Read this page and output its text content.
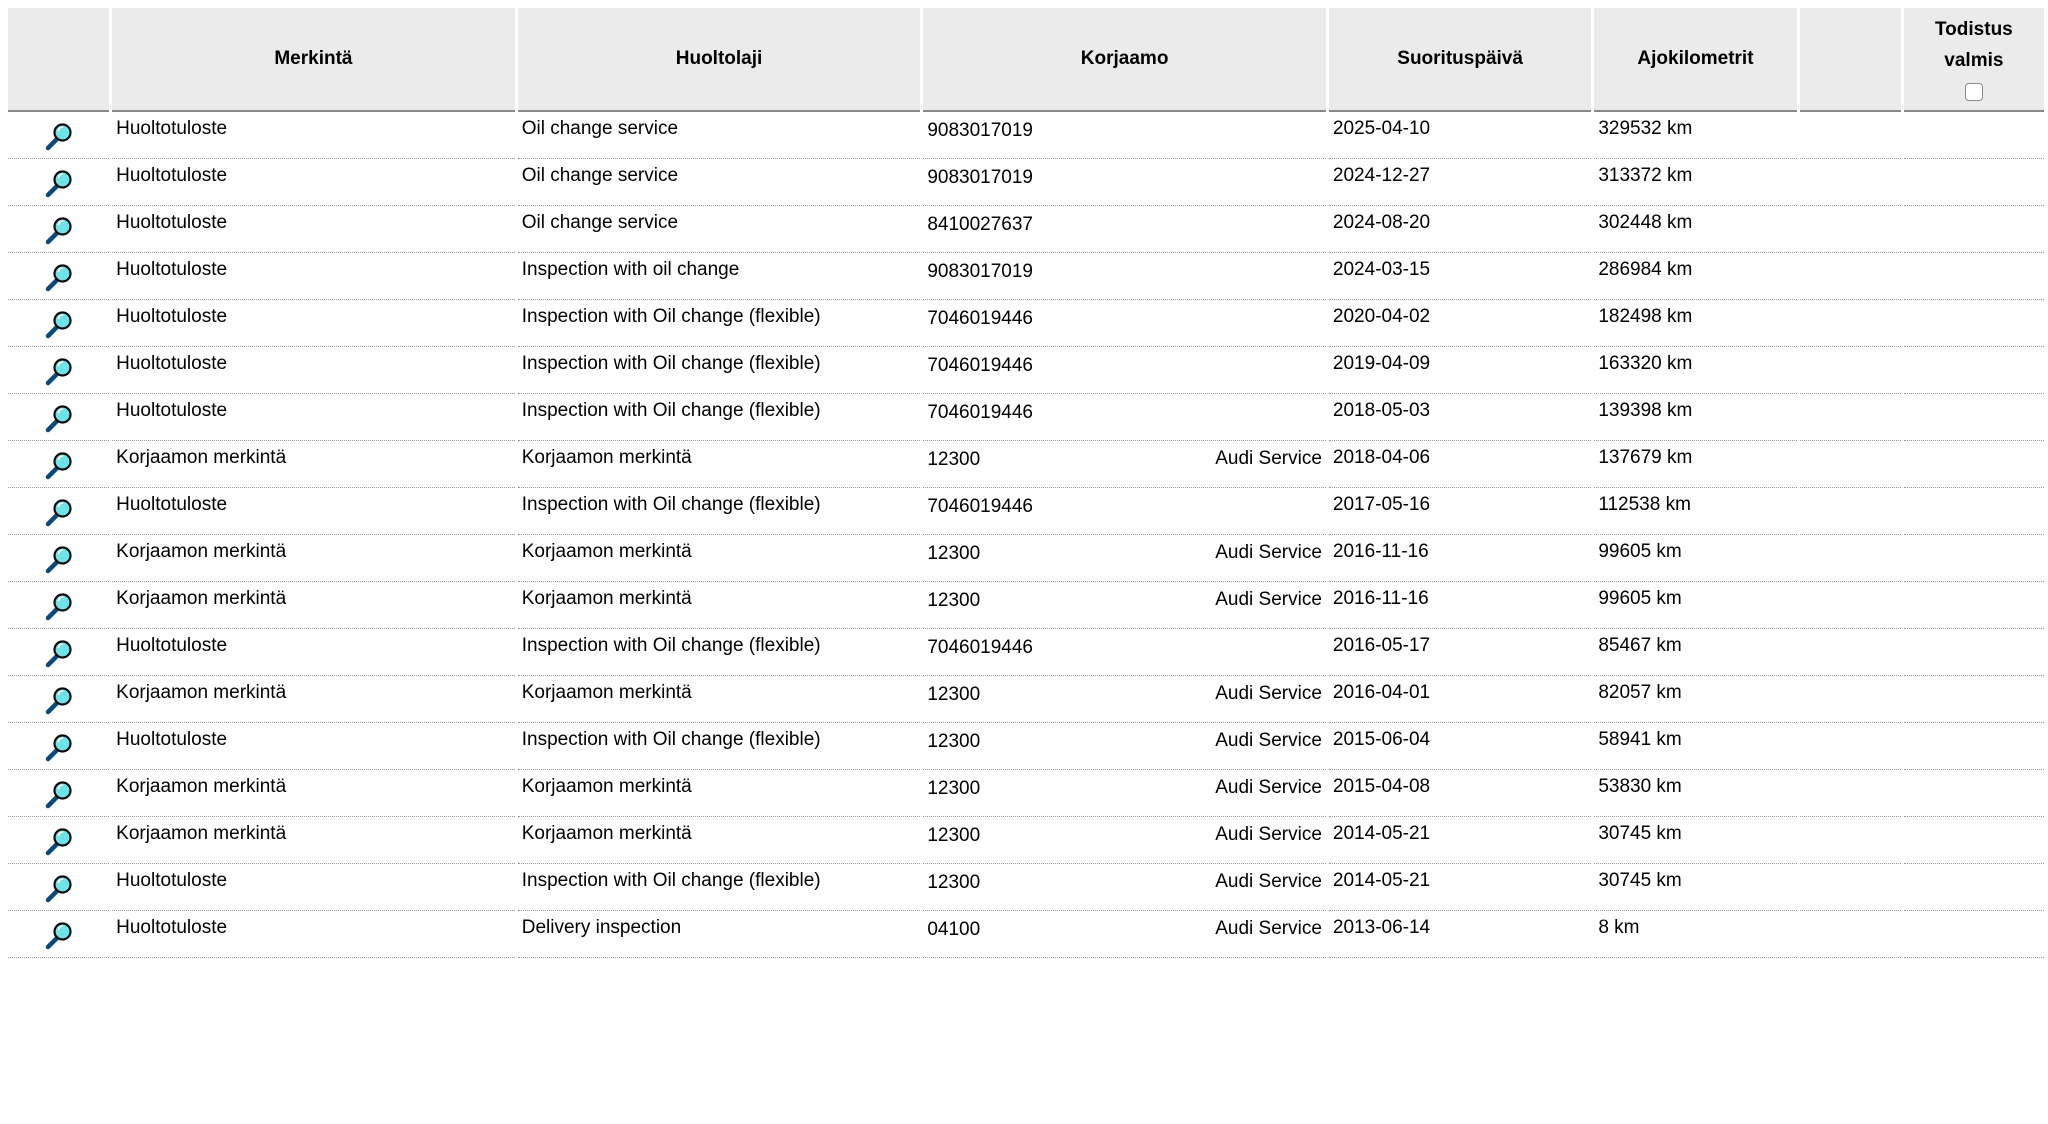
	Merkintä	Huoltolaji	Korjaamo	Suorituspäivä	Ajokilometrit		Todistus
valmis

	Huoltotuloste	Oil change service	9083017019	2025-04-10	329532 km		
	Huoltotuloste	Oil change service	9083017019	2024-12-27	313372 km		
	Huoltotuloste	Oil change service	8410027637	2024-08-20	302448 km		
	Huoltotuloste	Inspection with oil change	9083017019	2024-03-15	286984 km		
	Huoltotuloste	Inspection with Oil change (flexible)	7046019446	2020-04-02	182498 km		
	Huoltotuloste	Inspection with Oil change (flexible)	7046019446	2019-04-09	163320 km		
	Huoltotuloste	Inspection with Oil change (flexible)	7046019446	2018-05-03	139398 km		
	Korjaamon merkintä	Korjaamon merkintä	12300 Audi Service	2018-04-06	137679 km		
	Huoltotuloste	Inspection with Oil change (flexible)	7046019446	2017-05-16	112538 km		
	Korjaamon merkintä	Korjaamon merkintä	12300 Audi Service	2016-11-16	99605 km		
	Korjaamon merkintä	Korjaamon merkintä	12300 Audi Service	2016-11-16	99605 km		
	Huoltotuloste	Inspection with Oil change (flexible)	7046019446	2016-05-17	85467 km		
	Korjaamon merkintä	Korjaamon merkintä	12300 Audi Service	2016-04-01	82057 km		
	Huoltotuloste	Inspection with Oil change (flexible)	12300 Audi Service	2015-06-04	58941 km		
	Korjaamon merkintä	Korjaamon merkintä	12300 Audi Service	2015-04-08	53830 km		
	Korjaamon merkintä	Korjaamon merkintä	12300 Audi Service	2014-05-21	30745 km		
	Huoltotuloste	Inspection with Oil change (flexible)	12300 Audi Service	2014-05-21	30745 km		
	Huoltotuloste	Delivery inspection	04100 Audi Service	2013-06-14	8 km		
